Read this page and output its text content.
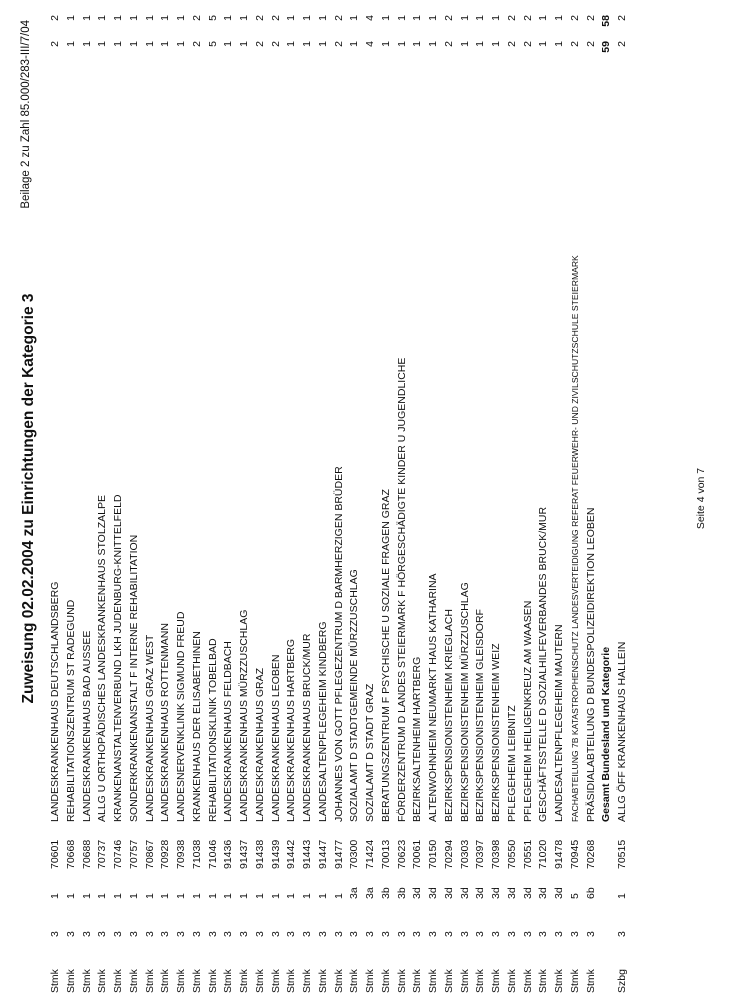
Zuweisung 02.02.2004 zu Einrichtungen der Kategorie 3
Beilage 2 zu Zahl 85.000/283-III/7/04
Stmk
3
1
70601
LANDESKRANKENHAUS DEUTSCHLANDSBERG
2
2
Stmk
3
1
70668
REHABILITATIONSZENTRUM ST RADEGUND
1
1
Stmk
3
1
70688
LANDESKRANKENHAUS BAD AUSSEE
1
1
Stmk
3
1
70737
ALLG U ORTHOPÄDISCHES LANDESKRANKENHAUS STOLZALPE
1
1
Stmk
3
1
70746
KRANKENANSTALTENVERBUND LKH JUDENBURG-KNITTELFELD
1
1
Stmk
3
1
70757
SONDERKRANKENANSTALT F INTERNE REHABILITATION
1
1
Stmk
3
1
70867
LANDESKRANKENHAUS GRAZ WEST
1
1
Stmk
3
1
70928
LANDESKRANKENHAUS ROTTENMANN
1
1
Stmk
3
1
70938
LANDESNERVENKLINIK SIGMUND FREUD
1
1
Stmk
3
1
71038
KRANKENHAUS DER ELISABETHINEN
2
2
Stmk
3
1
71046
REHABILITATIONSKLINIK TOBELBAD
5
5
Stmk
3
1
91436
LANDESKRANKENHAUS FELDBACH
1
1
Stmk
3
1
91437
LANDESKRANKENHAUS MÜRZZUSCHLAG
1
1
Stmk
3
1
91438
LANDESKRANKENHAUS GRAZ
2
2
Stmk
3
1
91439
LANDESKRANKENHAUS LEOBEN
2
2
Stmk
3
1
91442
LANDESKRANKENHAUS HARTBERG
1
1
Stmk
3
1
91443
LANDESKRANKENHAUS BRUCK/MUR
1
1
Stmk
3
1
91447
LANDESALTENPFLEGEHEIM KINDBERG
1
1
Stmk
3
1
91477
JOHANNES VON GOTT PFLEGEZENTRUM D BARMHERZIGEN BRÜDER
2
2
Stmk
3
3a
70300
SOZIALAMT D STADTGEMEINDE MÜRZZUSCHLAG
1
1
Stmk
3
3a
71424
SOZIALAMT D STADT GRAZ
4
4
Stmk
3
3b
70013
BERATUNGSZENTRUM F PSYCHISCHE U SOZIALE FRAGEN GRAZ
1
1
Stmk
3
3b
70623
FÖRDERZENTRUM D LANDES STEIERMARK F HÖRGESCHÄDIGTE KINDER U JUGENDLICHE
1
1
Stmk
3
3d
70061
BEZIRKSALTENHEIM HARTBERG
1
1
Stmk
3
3d
70150
ALTENWOHNHEIM NEUMARKT HAUS KATHARINA
1
1
Stmk
3
3d
70294
BEZIRKSPENSIONISTENHEIM KRIEGLACH
2
2
Stmk
3
3d
70303
BEZIRKSPENSIONISTENHEIM MÜRZZUSCHLAG
1
1
Stmk
3
3d
70397
BEZIRKSPENSIONISTENHEIM GLEISDORF
1
1
Stmk
3
3d
70398
BEZIRKSPENSIONISTENHEIM WEIZ
1
1
Stmk
3
3d
70550
PFLEGEHEIM LEIBNITZ
2
2
Stmk
3
3d
70551
PFLEGEHEIM HEILIGENKREUZ AM WAASEN
2
2
Stmk
3
3d
71020
GESCHÄFTSSTELLE D SOZIALHILFEVERBANDES BRUCK/MUR
1
1
Stmk
3
3d
91478
LANDESALTENPFLEGEHEIM MAUTERN
1
1
Stmk
3
5
70945
FACHABTEILUNG 7B KATASTROPHENSCHUTZ LANDESVERTEIDIGUNG REFERAT FEUERWEHR- UND ZIVILSCHUTZSCHULE STEIERMARK
2
2
Stmk
3
6b
70268
PRÄSIDIALABTEILUNG D BUNDESPOLIZEIDIREKTION LEOBEN
2
2
Gesamt Bundesland und Kategorie
59
58
Szbg
3
1
70515
ALLG ÖFF KRANKENHAUS HALLEIN
2
2
Seite 4 von 7
